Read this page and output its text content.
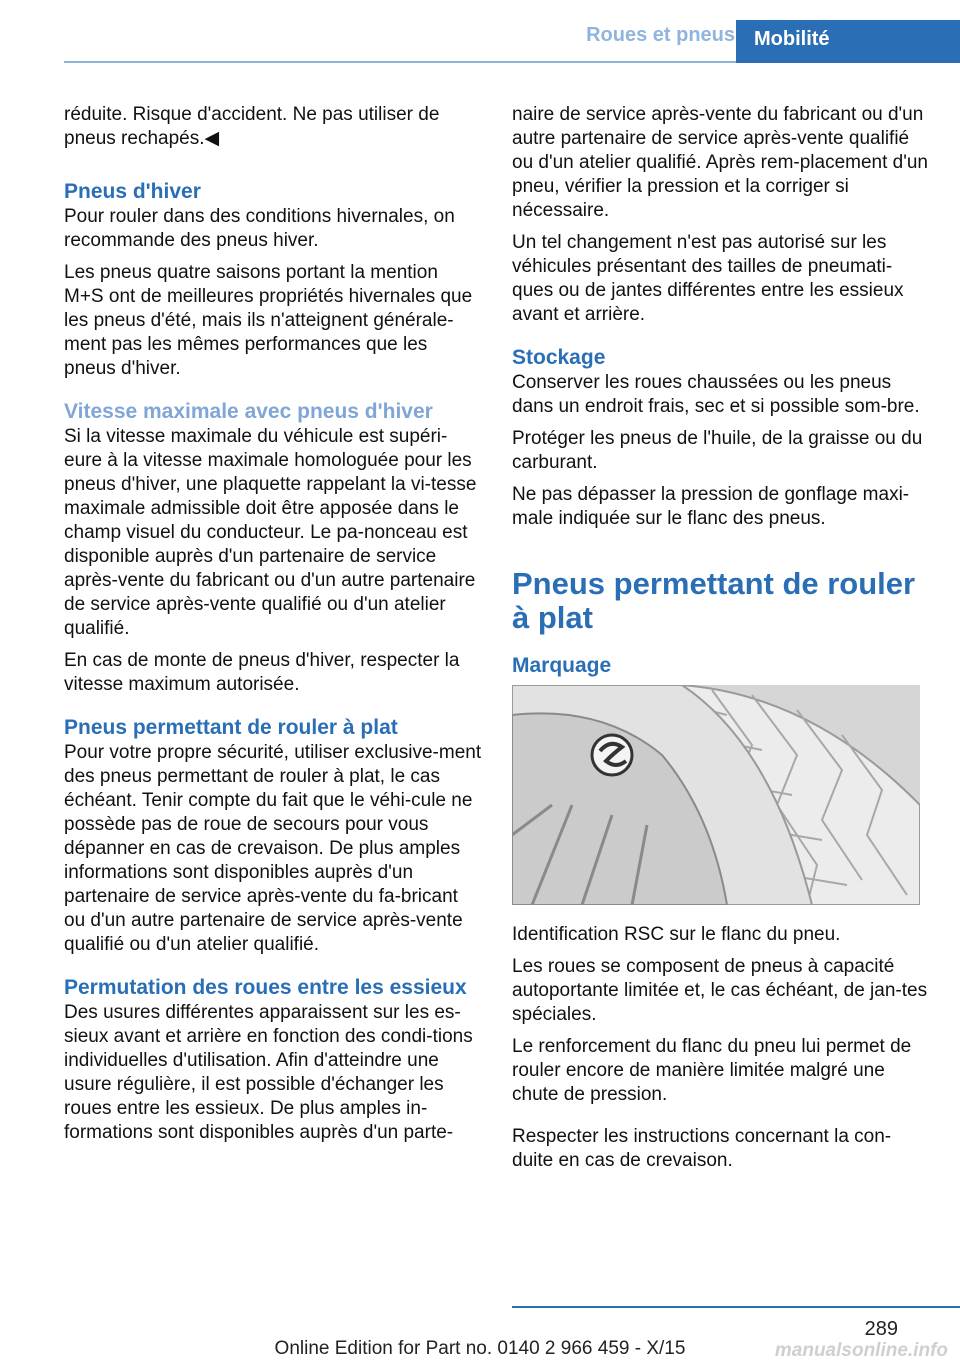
Roues et pneus Mobilité

réduite. Risque d'accident. Ne pas utiliser de pneus rechapés.◀

Pneus d'hiver

Pour rouler dans des conditions hivernales, on recommande des pneus hiver.

Les pneus quatre saisons portant la mention M+S ont de meilleures propriétés hivernales que les pneus d'été, mais ils n'atteignent générale-ment pas les mêmes performances que les pneus d'hiver.

Vitesse maximale avec pneus d'hiver

Si la vitesse maximale du véhicule est supéri-eure à la vitesse maximale homologuée pour les pneus d'hiver, une plaquette rappelant la vi-tesse maximale admissible doit être apposée dans le champ visuel du conducteur. Le pa-nonceau est disponible auprès d'un partenaire de service après-vente du fabricant ou d'un autre partenaire de service après-vente qualifié ou d'un atelier qualifié.

En cas de monte de pneus d'hiver, respecter la vitesse maximum autorisée.

Pneus permettant de rouler à plat

Pour votre propre sécurité, utiliser exclusive-ment des pneus permettant de rouler à plat, le cas échéant. Tenir compte du fait que le véhi-cule ne possède pas de roue de secours pour vous dépanner en cas de crevaison. De plus amples informations sont disponibles auprès d'un partenaire de service après-vente du fa-bricant ou d'un autre partenaire de service après-vente qualifié ou d'un atelier qualifié.

Permutation des roues entre les essieux

Des usures différentes apparaissent sur les es-sieux avant et arrière en fonction des condi-tions individuelles d'utilisation. Afin d'atteindre une usure régulière, il est possible d'échanger les roues entre les essieux. De plus amples in-formations sont disponibles auprès d'un parte-

naire de service après-vente du fabricant ou d'un autre partenaire de service après-vente qualifié ou d'un atelier qualifié. Après rem-placement d'un pneu, vérifier la pression et la corriger si nécessaire.

Un tel changement n'est pas autorisé sur les véhicules présentant des tailles de pneumati-ques ou de jantes différentes entre les essieux avant et arrière.

Stockage

Conserver les roues chaussées ou les pneus dans un endroit frais, sec et si possible som-bre.

Protéger les pneus de l'huile, de la graisse ou du carburant.

Ne pas dépasser la pression de gonflage maxi-male indiquée sur le flanc des pneus.

Pneus permettant de rouler à plat
Marquage

Identification RSC sur le flanc du pneu.

Les roues se composent de pneus à capacité autoportante limitée et, le cas échéant, de jan-tes spéciales.

Le renforcement du flanc du pneu lui permet de rouler encore de manière limitée malgré une chute de pression.

Respecter les instructions concernant la con-duite en cas de crevaison.

289
Online Edition for Part no. 0140 2 966 459 - X/15	manualsonline.info
